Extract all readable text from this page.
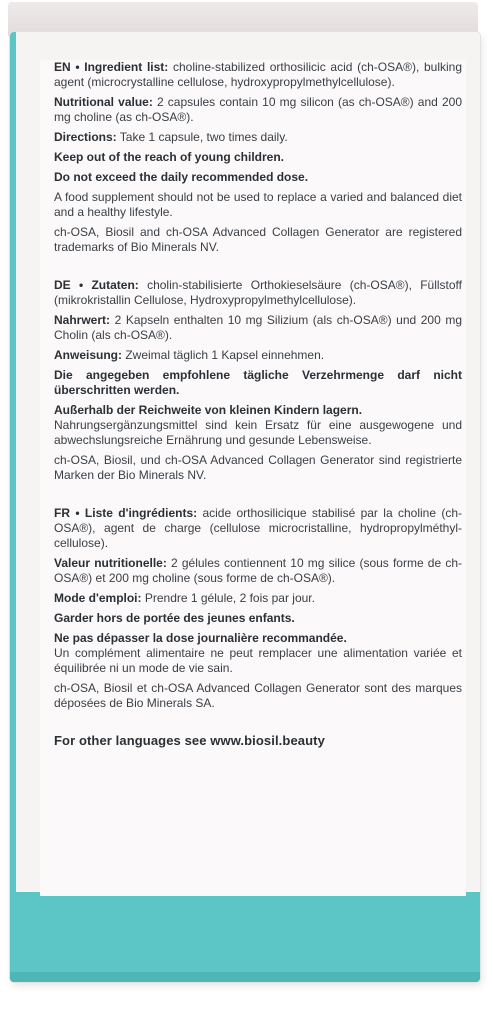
EN • Ingredient list: choline-stabilized orthosilicic acid (ch-OSA®), bulking agent (microcrystalline cellulose, hydroxypropylmethylcellulose).

Nutritional value: 2 capsules contain 10 mg silicon (as ch-OSA®) and 200 mg choline (as ch-OSA®).

Directions: Take 1 capsule, two times daily.

Keep out of the reach of young children.

Do not exceed the daily recommended dose.

A food supplement should not be used to replace a varied and balanced diet and a healthy lifestyle.

ch-OSA, Biosil and ch-OSA Advanced Collagen Generator are registered trademarks of Bio Minerals NV.

DE • Zutaten: cholin-stabilisierte Orthokieselsäure (ch-OSA®), Füllstoff (mikrokristallin Cellulose, Hydroxypropylmethylcellulose).

Nahrwert: 2 Kapseln enthalten 10 mg Silizium (als ch-OSA®) und 200 mg Cholin (als ch-OSA®).

Anweisung: Zweimal täglich 1 Kapsel einnehmen.

Die angegeben empfohlene tägliche Verzehrmenge darf nicht überschritten werden.

Außerhalb der Reichweite von kleinen Kindern lagern.

Nahrungsergänzungsmittel sind kein Ersatz für eine ausgewogene und abwechslungsreiche Ernährung und gesunde Lebensweise.

ch-OSA, Biosil, und ch-OSA Advanced Collagen Generator sind registrierte Marken der Bio Minerals NV.

FR • Liste d'ingrédients: acide orthosilicique stabilisé par la choline (ch-OSA®), agent de charge (cellulose microcristalline, hydropropylméthyl-cellulose).

Valeur nutritionelle: 2 gélules contiennent 10 mg silice (sous forme de ch-OSA®) et 200 mg choline (sous forme de ch-OSA®).

Mode d'emploi: Prendre 1 gélule, 2 fois par jour.

Garder hors de portée des jeunes enfants.

Ne pas dépasser la dose journalière recommandée.

Un complément alimentaire ne peut remplacer une alimentation variée et équilibrée ni un mode de vie sain.

ch-OSA, Biosil et ch-OSA Advanced Collagen Generator sont des marques déposées de Bio Minerals SA.

For other languages see www.biosil.beauty
